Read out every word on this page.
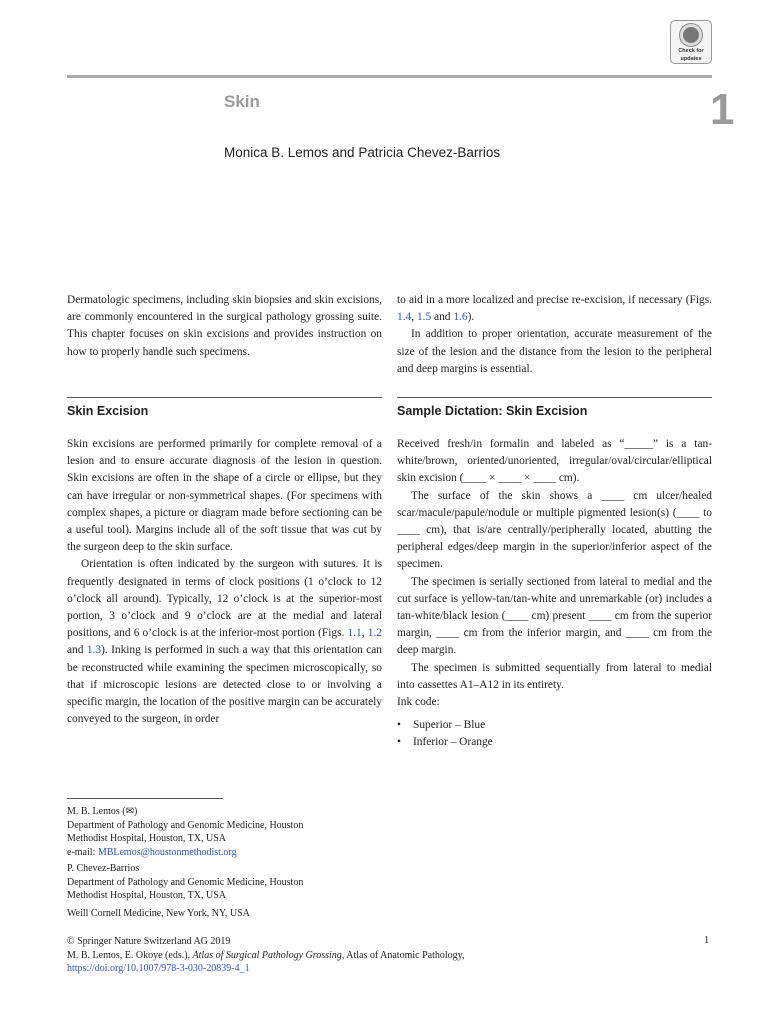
Check for
updates
Skin	1
Monica B. Lemos and Patricia Chevez-Barrios

Dermatologic specimens, including skin biopsies and skin excisions, are commonly encountered in the surgical pathology grossing suite. This chapter focuses on skin excisions and provides instruction on how to properly handle such specimens.

to aid in a more localized and precise re-excision, if necessary (Figs. 1.4, 1.5 and 1.6).

In addition to proper orientation, accurate measurement of the size of the lesion and the distance from the lesion to the peripheral and deep margins is essential.

Skin Excision	Sample Dictation: Skin Excision

Skin excisions are performed primarily for complete removal of a lesion and to ensure accurate diagnosis of the lesion in question. Skin excisions are often in the shape of a circle or ellipse, but they can have irregular or non-symmetrical shapes. (For specimens with complex shapes, a picture or diagram made before sectioning can be a useful tool). Margins include all of the soft tissue that was cut by the surgeon deep to the skin surface.

Orientation is often indicated by the surgeon with sutures. It is frequently designated in terms of clock positions (1 o’clock to 12 o’clock all around). Typically, 12 o’clock is at the superior-most portion, 3 o’clock and 9 o’clock are at the medial and lateral positions, and 6 o’clock is at the inferior-most portion (Figs. 1.1, 1.2 and 1.3). Inking is performed in such a way that this orientation can be reconstructed while examining the specimen microscopically, so that if microscopic lesions are detected close to or involving a specific margin, the location of the positive margin can be accurately conveyed to the surgeon, in order

Received fresh/in formalin and labeled as “_____” is a tan-white/brown, oriented/unoriented, irregular/oval/circular/elliptical skin excision (____ × ____ × ____ cm).

The surface of the skin shows a ____ cm ulcer/healed scar/macule/papule/nodule or multiple pigmented lesion(s) (____ to ____ cm), that is/are centrally/peripherally located, abutting the peripheral edges/deep margin in the superior/inferior aspect of the specimen.

The specimen is serially sectioned from lateral to medial and the cut surface is yellow-tan/tan-white and unremarkable (or) includes a tan-white/black lesion (____ cm) present ____ cm from the superior margin, ____ cm from the inferior margin, and ____ cm from the deep margin.

The specimen is submitted sequentially from lateral to medial into cassettes A1–A12 in its entirety.

Ink code:

• Superior – Blue
• Inferior – Orange
M. B. Lemos (✉)
Department of Pathology and Genomic Medicine, Houston
Methodist Hospital, Houston, TX, USA
e-mail: MBLemos@houstonmethodist.org
P. Chevez-Barrios
Department of Pathology and Genomic Medicine, Houston
Methodist Hospital, Houston, TX, USA
Weill Cornell Medicine, New York, NY, USA
© Springer Nature Switzerland AG 2019
M. B. Lemos, E. Okoye (eds.), Atlas of Surgical Pathology Grossing, Atlas of Anatomic Pathology,
https://doi.org/10.1007/978-3-030-20839-4_1
1
